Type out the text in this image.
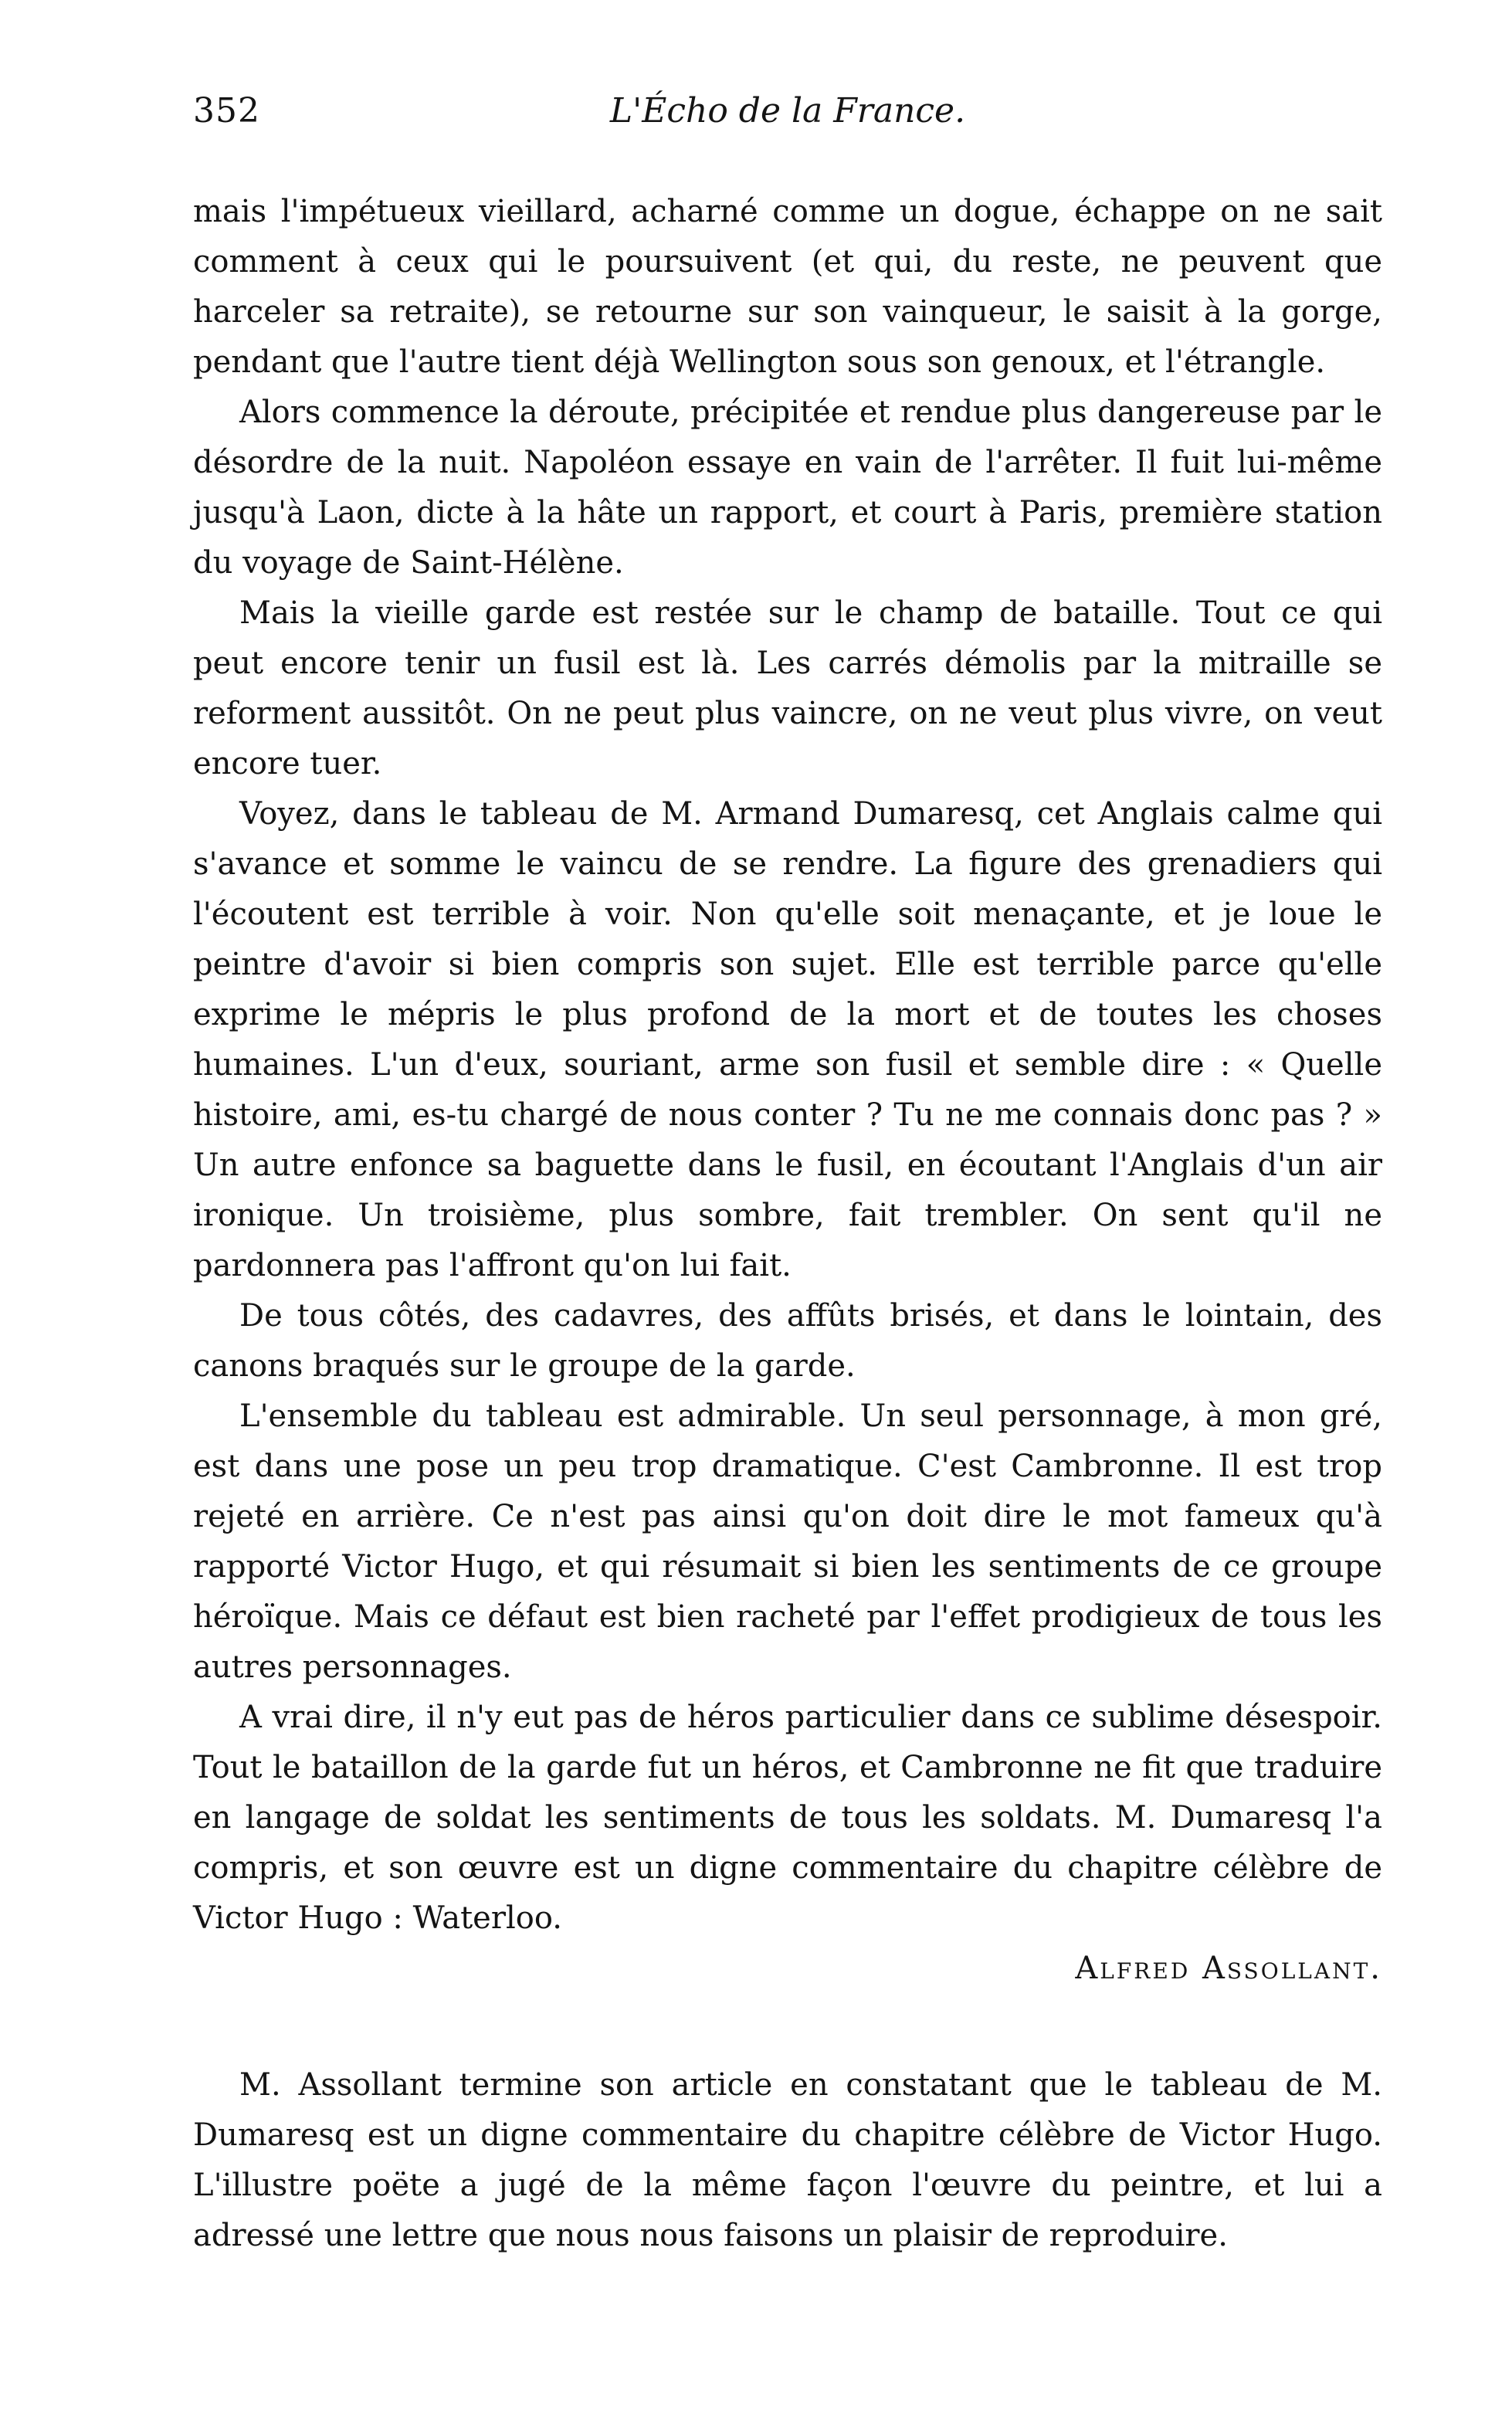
352	L'Écho de la France.

mais l'impétueux vieillard, acharné comme un dogue, échappe on ne sait comment à ceux qui le poursuivent (et qui, du reste, ne peuvent que harceler sa retraite), se retourne sur son vainqueur, le saisit à la gorge, pendant que l'autre tient déjà Wellington sous son genoux, et l'étrangle.

Alors commence la déroute, précipitée et rendue plus dangereuse par le désordre de la nuit. Napoléon essaye en vain de l'arrêter. Il fuit lui-même jusqu'à Laon, dicte à la hâte un rapport, et court à Paris, première station du voyage de Saint-Hélène.

Mais la vieille garde est restée sur le champ de bataille. Tout ce qui peut encore tenir un fusil est là. Les carrés démolis par la mitraille se reforment aussitôt. On ne peut plus vaincre, on ne veut plus vivre, on veut encore tuer.

Voyez, dans le tableau de M. Armand Dumaresq, cet Anglais calme qui s'avance et somme le vaincu de se rendre. La figure des grenadiers qui l'écoutent est terrible à voir. Non qu'elle soit menaçante, et je loue le peintre d'avoir si bien compris son sujet. Elle est terrible parce qu'elle exprime le mépris le plus profond de la mort et de toutes les choses humaines. L'un d'eux, souriant, arme son fusil et semble dire : « Quelle histoire, ami, es-tu chargé de nous conter ? Tu ne me connais donc pas ? » Un autre enfonce sa baguette dans le fusil, en écoutant l'Anglais d'un air ironique. Un troisième, plus sombre, fait trembler. On sent qu'il ne pardonnera pas l'affront qu'on lui fait.

De tous côtés, des cadavres, des affûts brisés, et dans le lointain, des canons braqués sur le groupe de la garde.

L'ensemble du tableau est admirable. Un seul personnage, à mon gré, est dans une pose un peu trop dramatique. C'est Cambronne. Il est trop rejeté en arrière. Ce n'est pas ainsi qu'on doit dire le mot fameux qu'à rapporté Victor Hugo, et qui résumait si bien les sentiments de ce groupe héroïque. Mais ce défaut est bien racheté par l'effet prodigieux de tous les autres personnages.

A vrai dire, il n'y eut pas de héros particulier dans ce sublime désespoir. Tout le bataillon de la garde fut un héros, et Cambronne ne fit que traduire en langage de soldat les sentiments de tous les soldats. M. Dumaresq l'a compris, et son œuvre est un digne commentaire du chapitre célèbre de Victor Hugo : Waterloo.

Alfred Assollant.

M. Assollant termine son article en constatant que le tableau de M. Dumaresq est un digne commentaire du chapitre célèbre de Victor Hugo. L'illustre poëte a jugé de la même façon l'œuvre du peintre, et lui a adressé une lettre que nous nous faisons un plaisir de reproduire.
